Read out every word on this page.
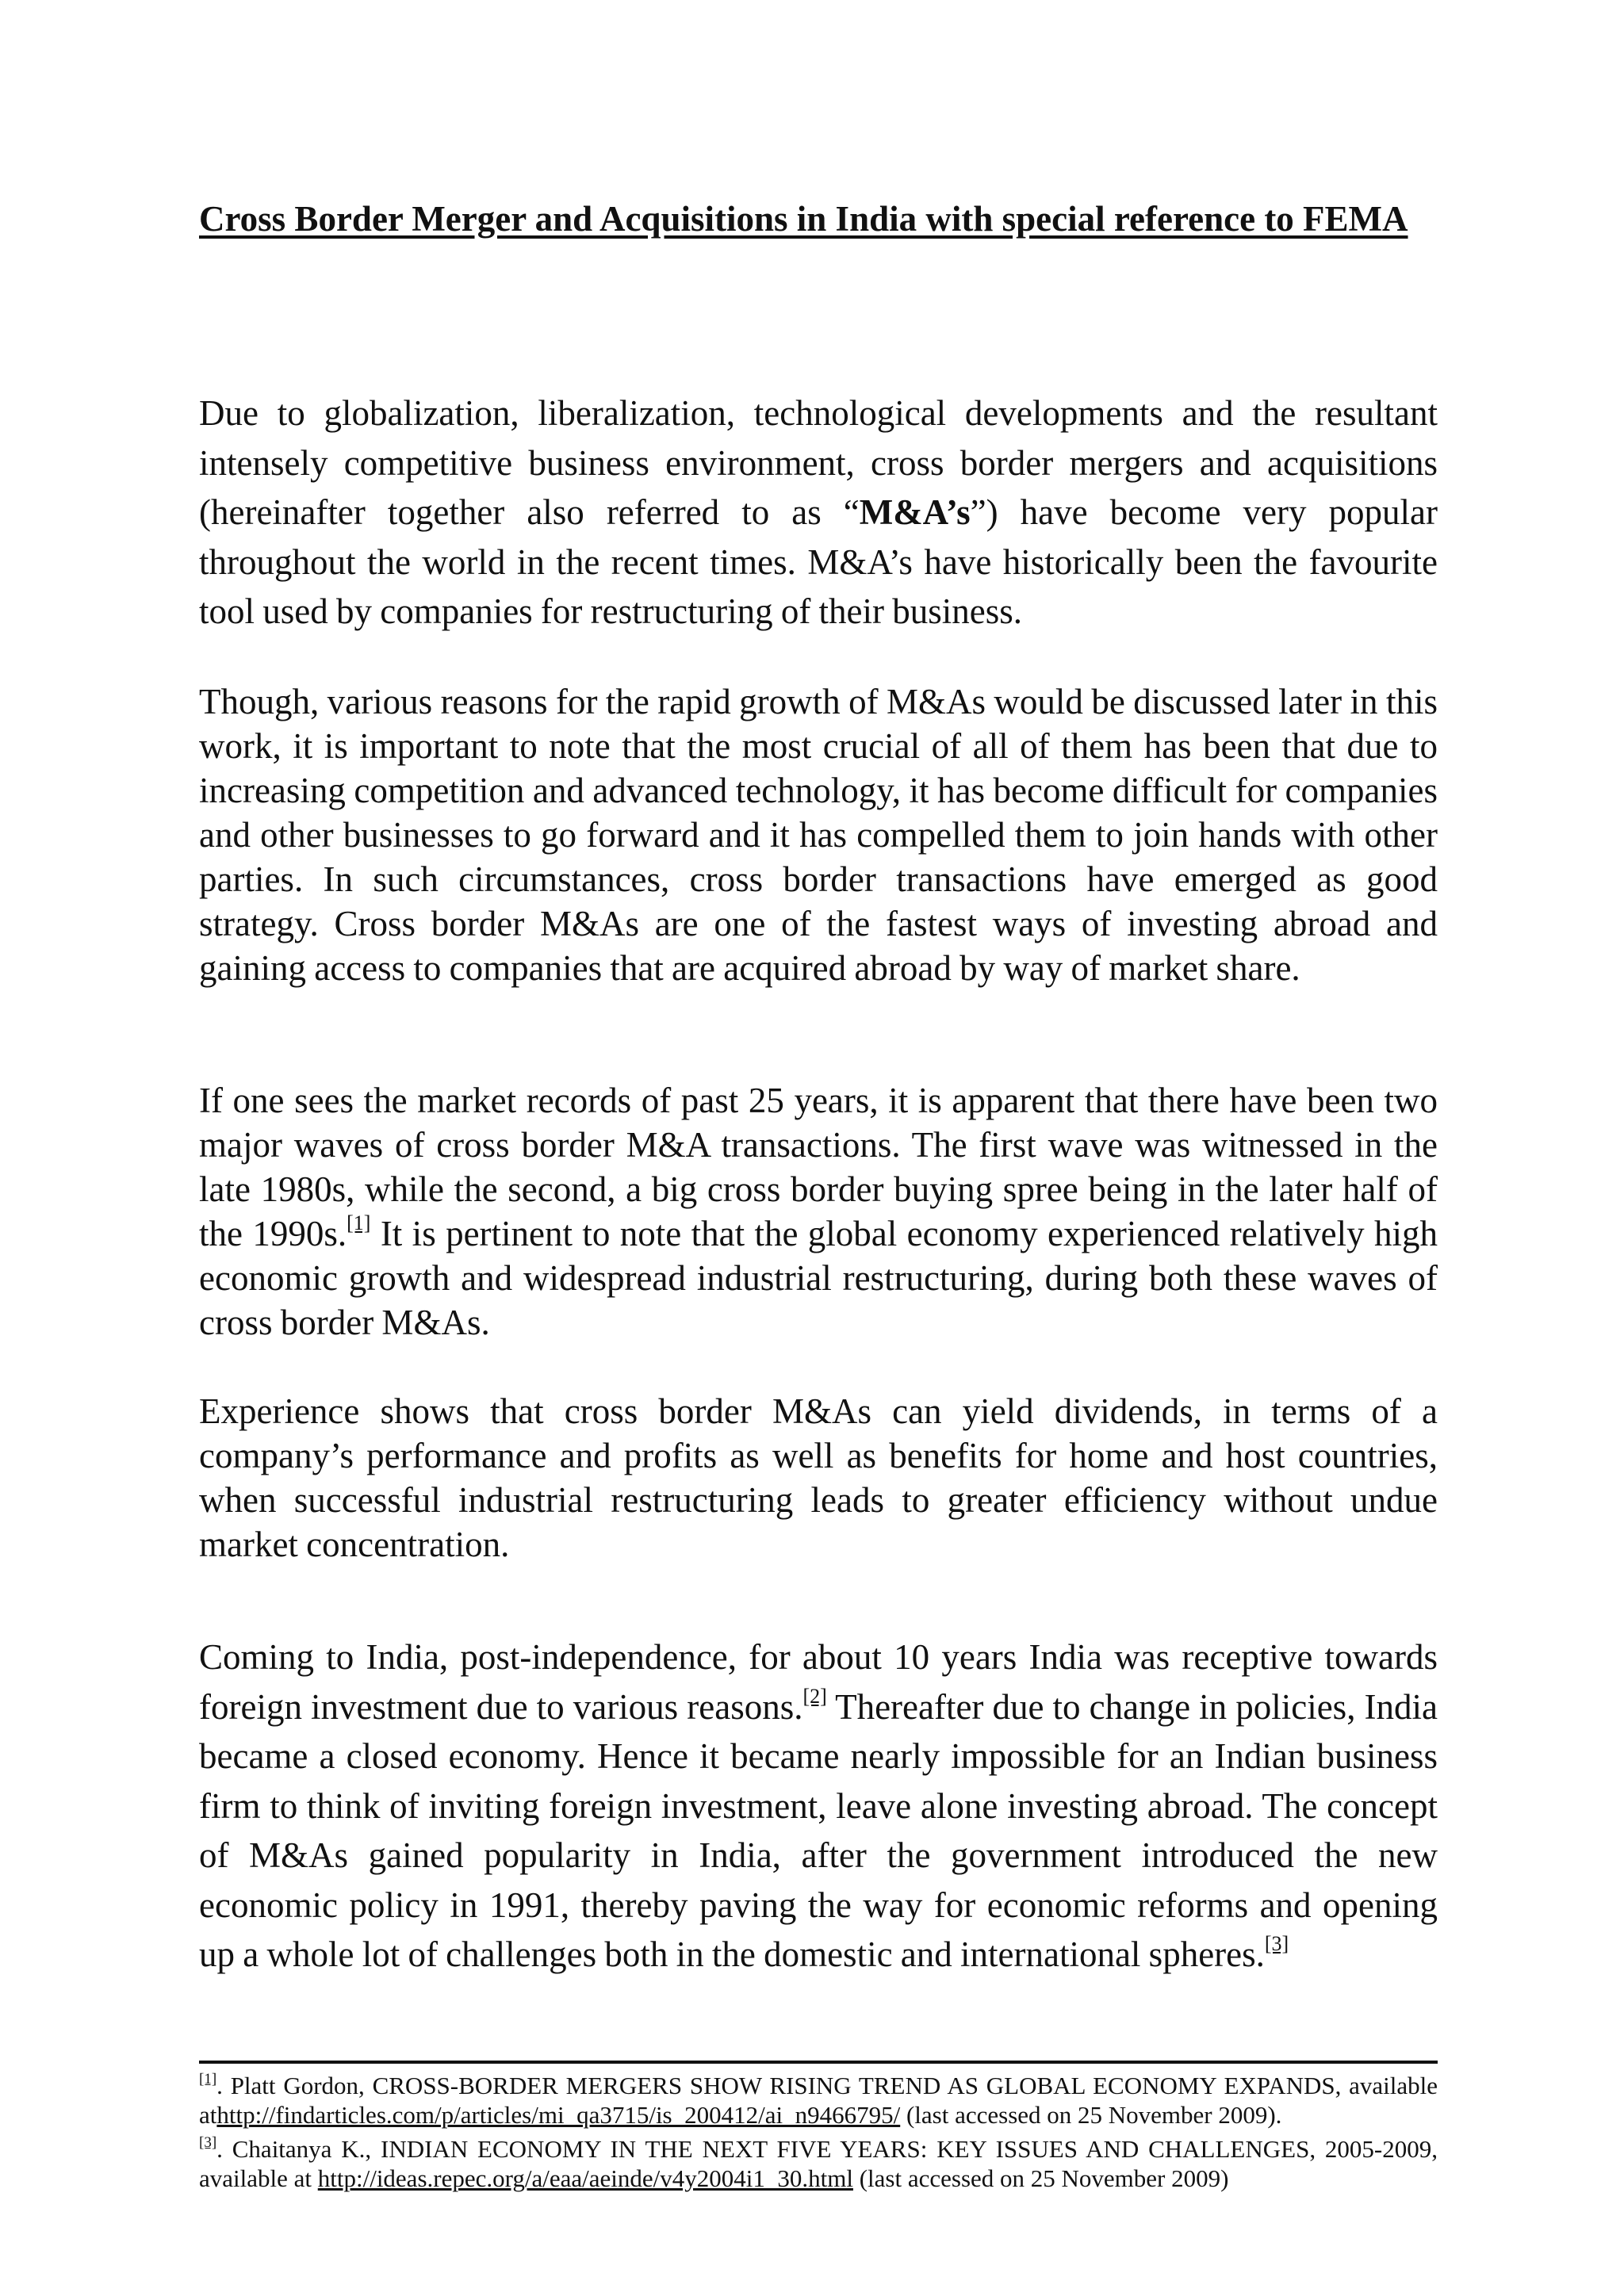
Cross Border Merger and Acquisitions in India with special reference to FEMA

Due to globalization, liberalization, technological developments and the resultant intensely competitive business environment, cross border mergers and acquisitions (hereinafter together also referred to as “M&A’s”) have become very popular throughout the world in the recent times. M&A’s have historically been the favourite tool used by companies for restructuring of their business.

Though, various reasons for the rapid growth of M&As would be discussed later in this work, it is important to note that the most crucial of all of them has been that due to increasing competition and advanced technology, it has become difficult for companies and other businesses to go forward and it has compelled them to join hands with other parties. In such circumstances, cross border transactions have emerged as good strategy. Cross border M&As are one of the fastest ways of investing abroad and gaining access to companies that are acquired abroad by way of market share.

If one sees the market records of past 25 years, it is apparent that there have been two major waves of cross border M&A transactions. The first wave was witnessed in the late 1980s, while the second, a big cross border buying spree being in the later half of the 1990s.[1] It is pertinent to note that the global economy experienced relatively high economic growth and widespread industrial restructuring, during both these waves of cross border M&As.

Experience shows that cross border M&As can yield dividends, in terms of a company’s performance and profits as well as benefits for home and host countries, when successful industrial restructuring leads to greater efficiency without undue market concentration.

Coming to India, post-independence, for about 10 years India was receptive towards foreign investment due to various reasons.[2] Thereafter due to change in policies, India became a closed economy. Hence it became nearly impossible for an Indian business firm to think of inviting foreign investment, leave alone investing abroad. The concept of M&As gained popularity in India, after the government introduced the new economic policy in 1991, thereby paving the way for economic reforms and opening up a whole lot of challenges both in the domestic and international spheres.[3]

[1]. Platt Gordon, CROSS-BORDER MERGERS SHOW RISING TREND AS GLOBAL ECONOMY EXPANDS, available athttp://findarticles.com/p/articles/mi_qa3715/is_200412/ai_n9466795/ (last accessed on 25 November 2009).

[3]. Chaitanya K., INDIAN ECONOMY IN THE NEXT FIVE YEARS: KEY ISSUES AND CHALLENGES, 2005-2009, available at http://ideas.repec.org/a/eaa/aeinde/v4y2004i1_30.html (last accessed on 25 November 2009)
